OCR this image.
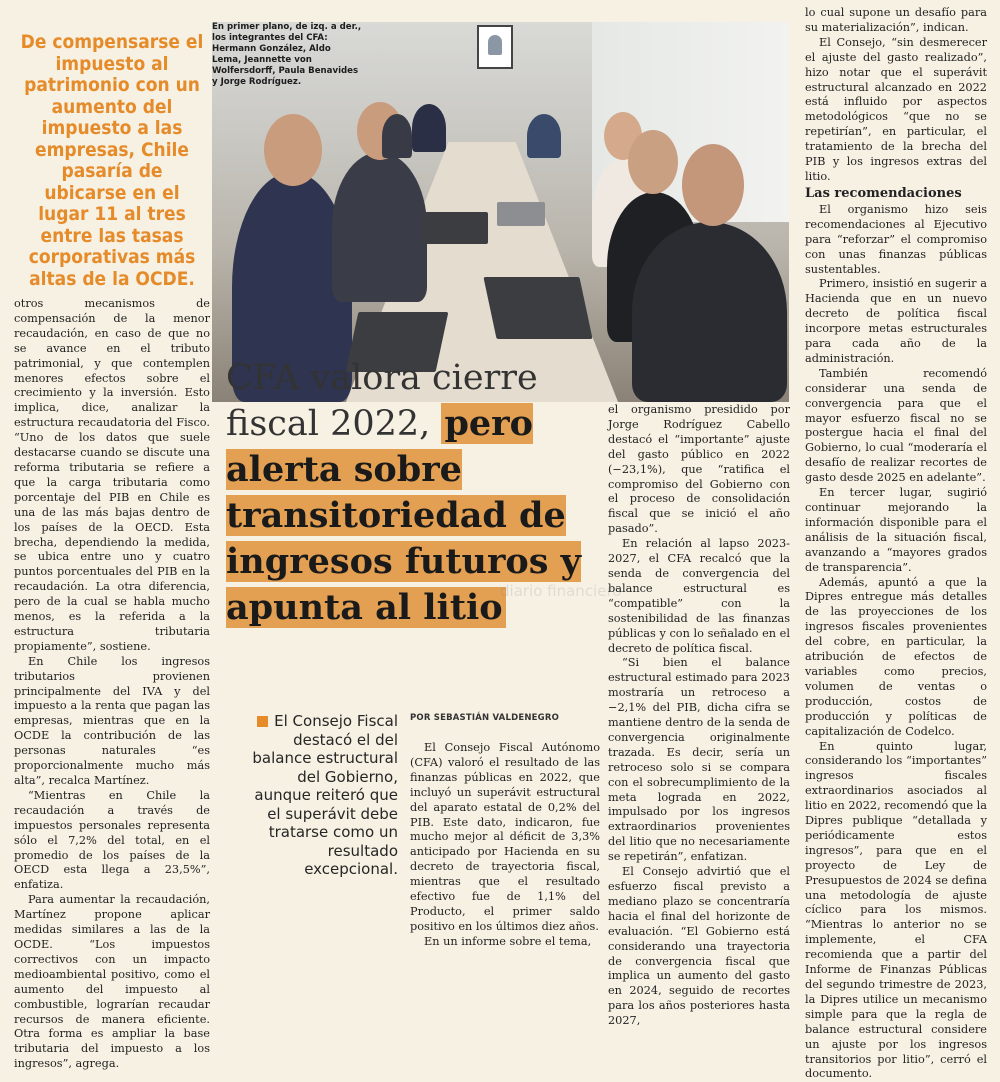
De compensarse el impuesto al patrimonio con un aumento del impuesto a las empresas, Chile pasaría de ubicarse en el lugar 11 al tres entre las tasas corporativas más altas de la OCDE.

otros mecanismos de compensación de la menor recaudación, en caso de que no se avance en el tributo patrimonial, y que contemplen menores efectos sobre el crecimiento y la inversión. Esto implica, dice, analizar la estructura recaudatoria del Fisco. “Uno de los datos que suele destacarse cuando se discute una reforma tributaria se refiere a que la carga tributaria como porcentaje del PIB en Chile es una de las más bajas dentro de los países de la OECD. Esta brecha, dependiendo la medida, se ubica entre uno y cuatro puntos porcentuales del PIB en la recaudación. La otra diferencia, pero de la cual se habla mucho menos, es la referida a la estructura tributaria propiamente”, sostiene.

En Chile los ingresos tributarios provienen principalmente del IVA y del impuesto a la renta que pagan las empresas, mientras que en la OCDE la contribución de las personas naturales “es proporcionalmente mucho más alta”, recalca Martínez.

“Mientras en Chile la recaudación a través de impuestos personales representa sólo el 7,2% del total, en el promedio de los países de la OECD esta llega a 23,5%”, enfatiza.

Para aumentar la recaudación, Martínez propone aplicar medidas similares a las de la OCDE. “Los impuestos correctivos con un impacto medioambiental positivo, como el aumento del impuesto al combustible, lograrían recaudar recursos de manera eficiente. Otra forma es ampliar la base tributaria del impuesto a los ingresos”, agrega.

En primer plano, de izq. a der., los integrantes del CFA: Hermann González, Aldo Lema, Jeannette von Wolfersdorff, Paula Benavides y Jorge Rodríguez.
CFA valora cierre fiscal 2022, pero alerta sobre transitoriedad de ingresos futuros y apunta al litio
diario financiero
El Consejo Fiscal destacó el del balance estructural del Gobierno, aunque reiteró que el superávit debe tratarse como un resultado excepcional.
POR SEBASTIÁN VALDENEGRO

El Consejo Fiscal Autónomo (CFA) valoró el resultado de las finanzas públicas en 2022, que incluyó un superávit estructural del aparato estatal de 0,2% del PIB. Este dato, indicaron, fue mucho mejor al déficit de 3,3% anticipado por Hacienda en su decreto de trayectoria fiscal, mientras que el resultado efectivo fue de 1,1% del Producto, el primer saldo positivo en los últimos diez años.

En un informe sobre el tema,

el organismo presidido por Jorge Rodríguez Cabello destacó el “importante” ajuste del gasto público en 2022 (−23,1%), que “ratifica el compromiso del Gobierno con el proceso de consolidación fiscal que se inició el año pasado”.

En relación al lapso 2023-2027, el CFA recalcó que la senda de convergencia del balance estructural es “compatible” con la sostenibilidad de las finanzas públicas y con lo señalado en el decreto de política fiscal.

“Si bien el balance estructural estimado para 2023 mostraría un retroceso a −2,1% del PIB, dicha cifra se mantiene dentro de la senda de convergencia originalmente trazada. Es decir, sería un retroceso solo si se compara con el sobrecumplimiento de la meta lograda en 2022, impulsado por los ingresos extraordinarios provenientes del litio que no necesariamente se repetirán”, enfatizan.

El Consejo advirtió que el esfuerzo fiscal previsto a mediano plazo se concentraría hacia el final del horizonte de evaluación. “El Gobierno está considerando una trayectoria de convergencia fiscal que implica un aumento del gasto en 2024, seguido de recortes para los años posteriores hasta 2027,

lo cual supone un desafío para su materialización”, indican.

El Consejo, “sin desmerecer el ajuste del gasto realizado”, hizo notar que el superávit estructural alcanzado en 2022 está influido por aspectos metodológicos “que no se repetirían”, en particular, el tratamiento de la brecha del PIB y los ingresos extras del litio.

Las recomendaciones

El organismo hizo seis recomendaciones al Ejecutivo para “reforzar” el compromiso con unas finanzas públicas sustentables.

Primero, insistió en sugerir a Hacienda que en un nuevo decreto de política fiscal incorpore metas estructurales para cada año de la administración.

También recomendó considerar una senda de convergencia para que el mayor esfuerzo fiscal no se postergue hacia el final del Gobierno, lo cual “moderaría el desafío de realizar recortes de gasto desde 2025 en adelante”.

En tercer lugar, sugirió continuar mejorando la información disponible para el análisis de la situación fiscal, avanzando a “mayores grados de transparencia”.

Además, apuntó a que la Dipres entregue más detalles de las proyecciones de los ingresos fiscales provenientes del cobre, en particular, la atribución de efectos de variables como precios, volumen de ventas o producción, costos de producción y políticas de capitalización de Codelco.

En quinto lugar, considerando los “importantes” ingresos fiscales extraordinarios asociados al litio en 2022, recomendó que la Dipres publique “detallada y periódicamente estos ingresos”, para que en el proyecto de Ley de Presupuestos de 2024 se defina una metodología de ajuste cíclico para los mismos. “Mientras lo anterior no se implemente, el CFA recomienda que a partir del Informe de Finanzas Públicas del segundo trimestre de 2023, la Dipres utilice un mecanismo simple para que la regla de balance estructural considere un ajuste por los ingresos transitorios por litio”, cerró el documento.
